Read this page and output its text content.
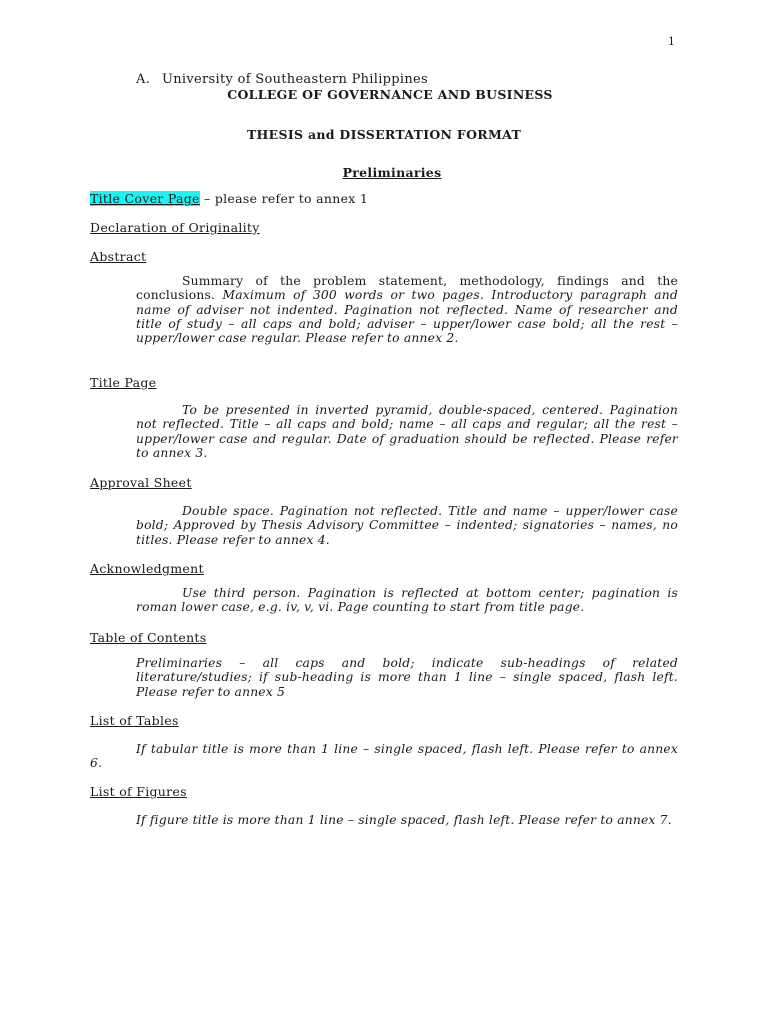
1
A. University of Southeastern Philippines
COLLEGE OF GOVERNANCE AND BUSINESS
THESIS and DISSERTATION FORMAT
Preliminaries
Title Cover Page – please refer to annex 1
Declaration of Originality
Abstract

Summary of the problem statement, methodology, findings and the conclusions. Maximum of 300 words or two pages. Introductory paragraph and name of adviser not indented. Pagination not reflected. Name of researcher and title of study – all caps and bold; adviser – upper/lower case bold; all the rest – upper/lower case regular. Please refer to annex 2.

Title Page

To be presented in inverted pyramid, double-spaced, centered. Pagination not reflected. Title – all caps and bold; name – all caps and regular; all the rest – upper/lower case and regular. Date of graduation should be reflected. Please refer to annex 3.

Approval Sheet

Double space. Pagination not reflected. Title and name – upper/lower case bold; Approved by Thesis Advisory Committee – indented; signatories – names, no titles. Please refer to annex 4.

Acknowledgment

Use third person. Pagination is reflected at bottom center; pagination is roman lower case, e.g. iv, v, vi. Page counting to start from title page.

Table of Contents

Preliminaries – all caps and bold; indicate sub-headings of related literature/studies; if sub-heading is more than 1 line – single spaced, flash left. Please refer to annex 5

List of Tables

If tabular title is more than 1 line – single spaced, flash left. Please refer to annex 6.

List of Figures

If figure title is more than 1 line – single spaced, flash left. Please refer to annex 7.
